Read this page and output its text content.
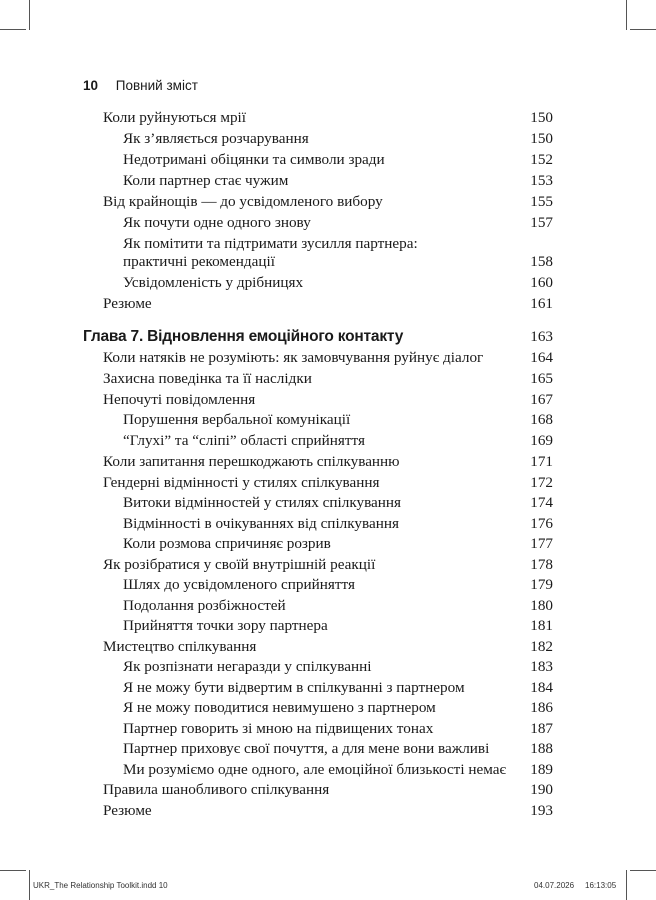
10 Повний зміст
Коли руйнуються мрії	150
Як з’являється розчарування	150
Недотримані обіцянки та символи зради	152
Коли партнер стає чужим	153
Від крайнощів — до усвідомленого вибору	155
Як почути одне одного знову	157
Як помітити та підтримати зусилля партнера:
практичні рекомендації	158
Усвідомленість у дрібницях	160
Резюме	161
Глава 7. Відновлення емоційного контакту	163
Коли натяків не розуміють: як замовчування руйнує діалог	164
Захисна поведінка та її наслідки	165
Непочуті повідомлення	167
Порушення вербальної комунікації	168
“Глухі” та “сліпі” області сприйняття	169
Коли запитання перешкоджають спілкуванню	171
Гендерні відмінності у стилях спілкування	172
Витоки відмінностей у стилях спілкування	174
Відмінності в очікуваннях від спілкування	176
Коли розмова спричиняє розрив	177
Як розібратися у своїй внутрішній реакції	178
Шлях до усвідомленого сприйняття	179
Подолання розбіжностей	180
Прийняття точки зору партнера	181
Мистецтво спілкування	182
Як розпізнати негаразди у спілкуванні	183
Я не можу бути відвертим в спілкуванні з партнером	184
Я не можу поводитися невимушено з партнером	186
Партнер говорить зі мною на підвищених тонах	187
Партнер приховує свої почуття, а для мене вони важливі	188
Ми розуміємо одне одного, але емоційної близькості немає 189
Правила шанобливого спілкування	190
Резюме	193
UKR_The Relationship Toolkit.indd 10	04.07.2026 16:13:05
